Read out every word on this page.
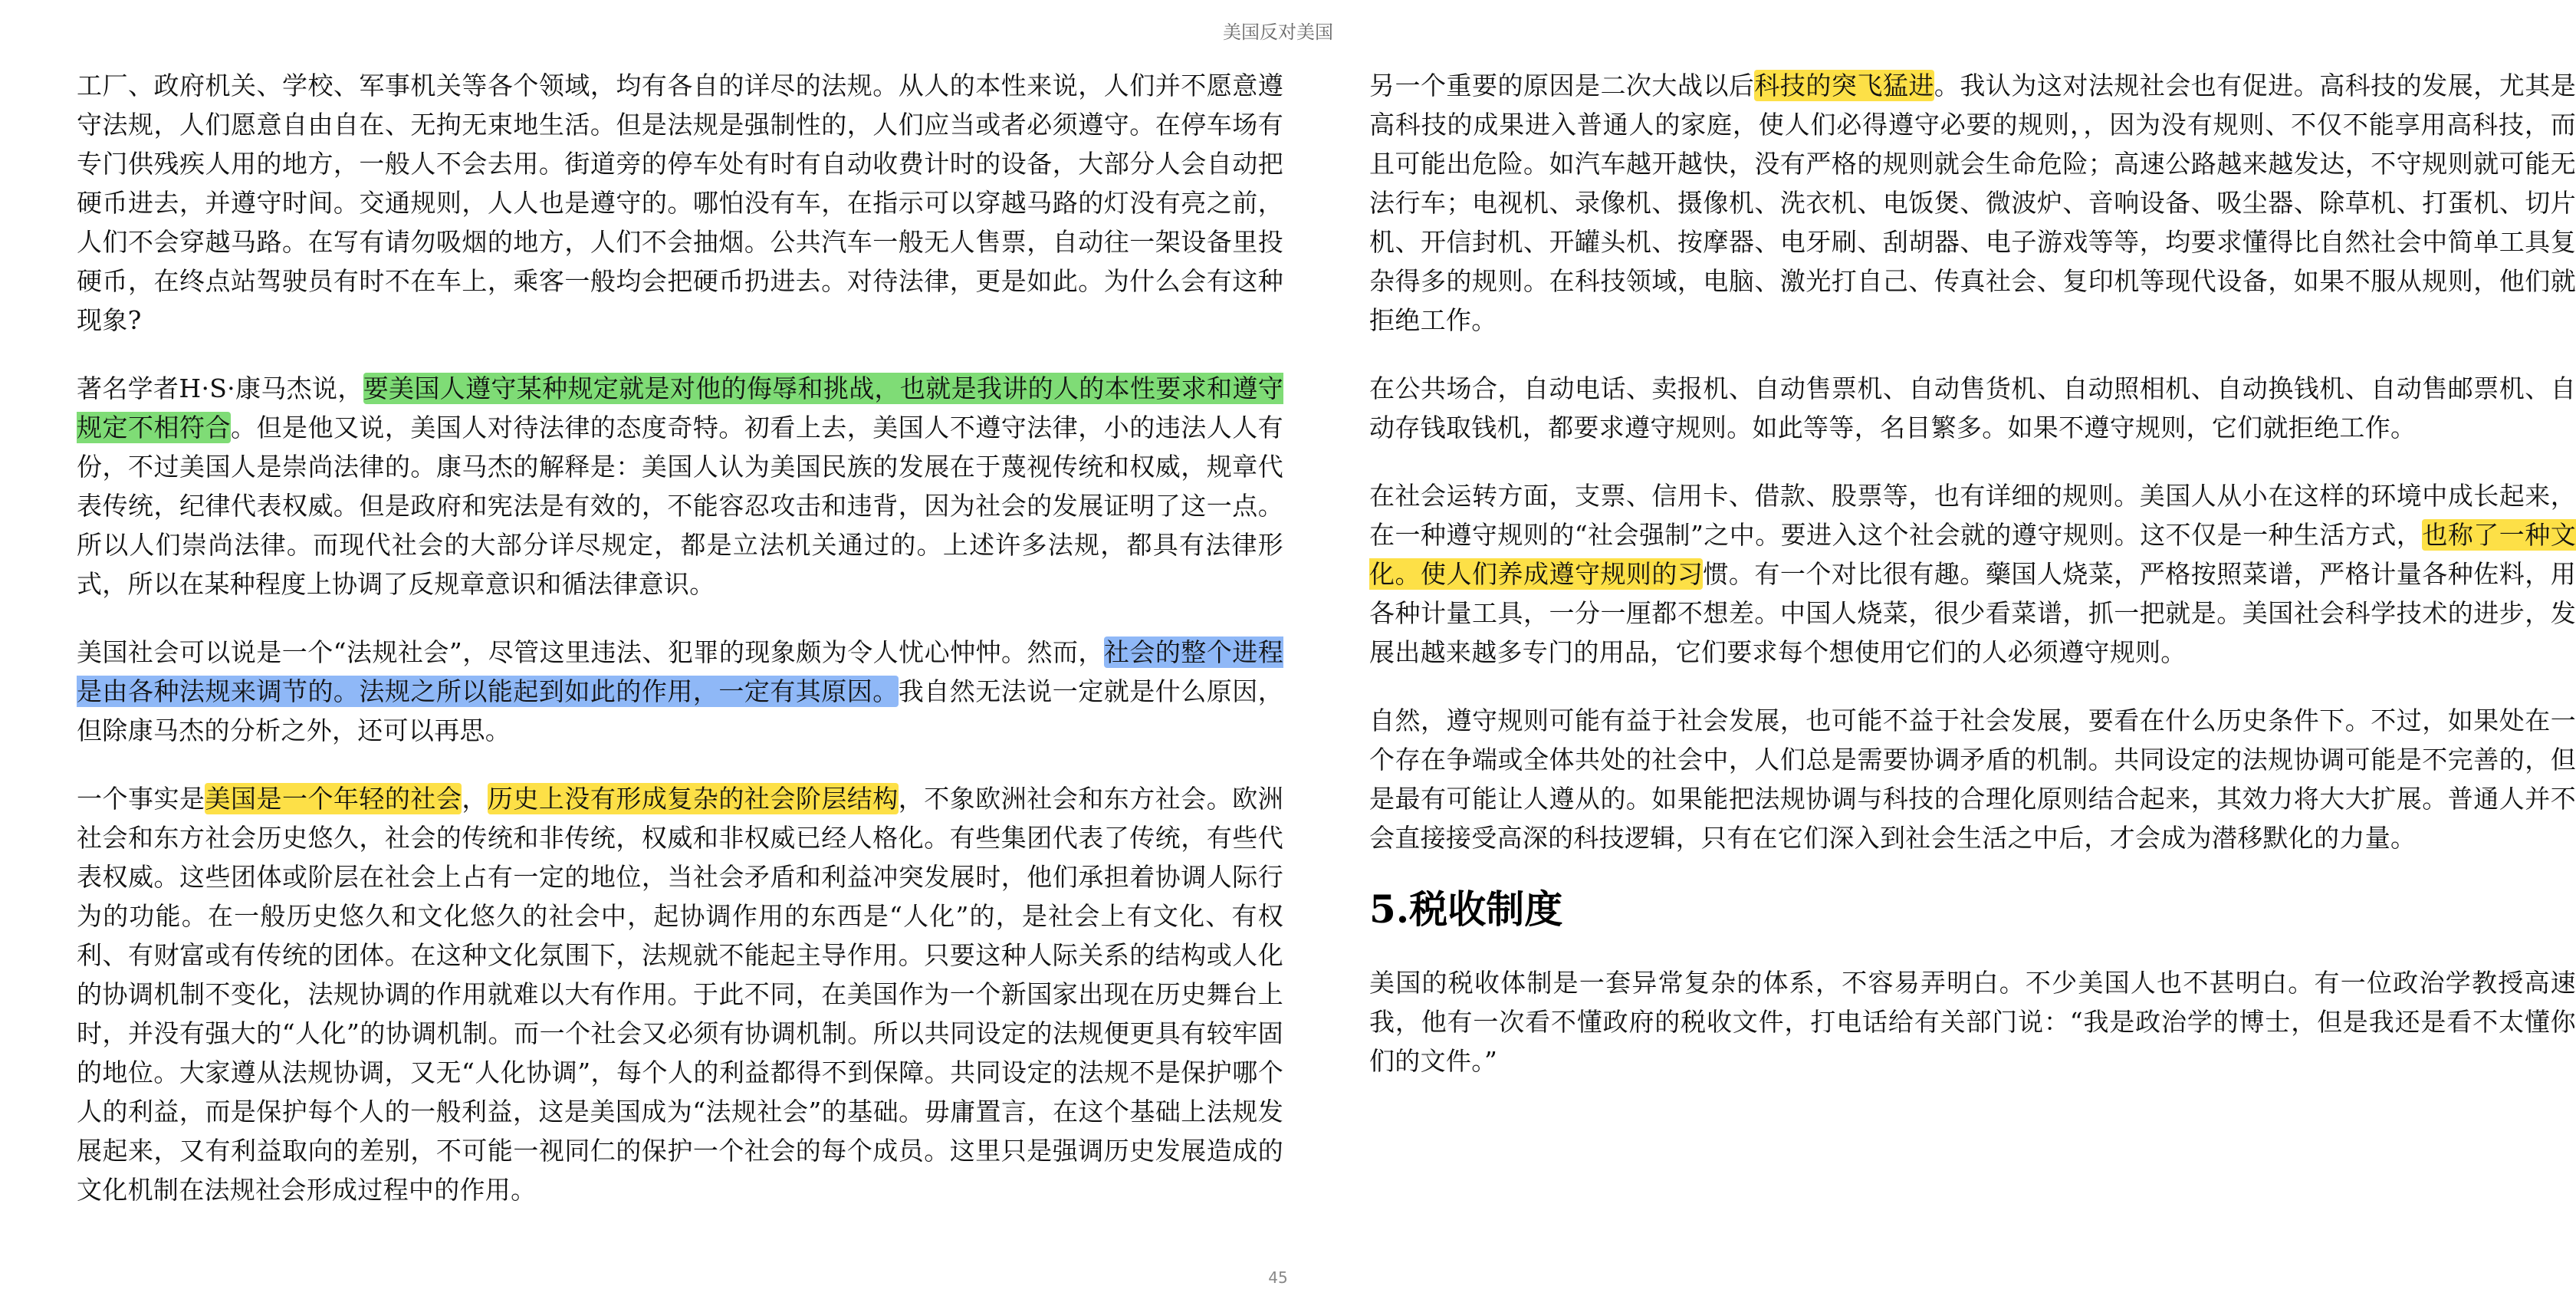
美国反对美国

工厂、政府机关、学校、军事机关等各个领域，均有各自的详尽的法规。从人的本性来说，人们并不愿意遵守法规，人们愿意自由自在、无拘无束地生活。但是法规是强制性的，人们应当或者必须遵守。在停车场有专门供残疾人用的地方，一般人不会去用。街道旁的停车处有时有自动收费计时的设备，大部分人会自动把硬币进去，并遵守时间。交通规则，人人也是遵守的。哪怕没有车，在指示可以穿越马路的灯没有亮之前，人们不会穿越马路。在写有请勿吸烟的地方，人们不会抽烟。公共汽车一般无人售票，自动往一架设备里投硬币，在终点站驾驶员有时不在车上，乘客一般均会把硬币扔进去。对待法律，更是如此。为什么会有这种现象?

著名学者H·S·康马杰说，要美国人遵守某种规定就是对他的侮辱和挑战，也就是我讲的人的本性要求和遵守规定不相符合。但是他又说，美国人对待法律的态度奇特。初看上去，美国人不遵守法律，小的违法人人有份，不过美国人是崇尚法律的。康马杰的解释是：美国人认为美国民族的发展在于蔑视传统和权威，规章代表传统，纪律代表权威。但是政府和宪法是有效的，不能容忍攻击和违背，因为社会的发展证明了这一点。所以人们崇尚法律。而现代社会的大部分详尽规定，都是立法机关通过的。上述许多法规，都具有法律形式，所以在某种程度上协调了反规章意识和循法律意识。

美国社会可以说是一个“法规社会”，尽管这里违法、犯罪的现象颇为令人忧心忡忡。然而，社会的整个进程是由各种法规来调节的。法规之所以能起到如此的作用，一定有其原因。我自然无法说一定就是什么原因，但除康马杰的分析之外，还可以再思。

一个事实是美国是一个年轻的社会，历史上没有形成复杂的社会阶层结构，不象欧洲社会和东方社会。欧洲社会和东方社会历史悠久，社会的传统和非传统，权威和非权威已经人格化。有些集团代表了传统，有些代表权威。这些团体或阶层在社会上占有一定的地位，当社会矛盾和利益冲突发展时，他们承担着协调人际行为的功能。在一般历史悠久和文化悠久的社会中，起协调作用的东西是“人化”的，是社会上有文化、有权利、有财富或有传统的团体。在这种文化氛围下，法规就不能起主导作用。只要这种人际关系的结构或人化的协调机制不变化，法规协调的作用就难以大有作用。于此不同，在美国作为一个新国家出现在历史舞台上时，并没有强大的“人化”的协调机制。而一个社会又必须有协调机制。所以共同设定的法规便更具有较牢固的地位。大家遵从法规协调，又无“人化协调”，每个人的利益都得不到保障。共同设定的法规不是保护哪个人的利益，而是保护每个人的一般利益，这是美国成为“法规社会”的基础。毋庸置言，在这个基础上法规发展起来，又有利益取向的差别，不可能一视同仁的保护一个社会的每个成员。这里只是强调历史发展造成的文化机制在法规社会形成过程中的作用。

另一个重要的原因是二次大战以后科技的突飞猛进。我认为这对法规社会也有促进。高科技的发展，尤其是高科技的成果进入普通人的家庭，使人们必得遵守必要的规则，，因为没有规则、不仅不能享用高科技，而且可能出危险。如汽车越开越快，没有严格的规则就会生命危险；高速公路越来越发达，不守规则就可能无法行车；电视机、录像机、摄像机、洗衣机、电饭煲、微波炉、音响设备、吸尘器、除草机、打蛋机、切片机、开信封机、开罐头机、按摩器、电牙刷、刮胡器、电子游戏等等，均要求懂得比自然社会中简单工具复杂得多的规则。在科技领域，电脑、激光打自己、传真社会、复印机等现代设备，如果不服从规则，他们就拒绝工作。

在公共场合，自动电话、卖报机、自动售票机、自动售货机、自动照相机、自动换钱机、自动售邮票机、自动存钱取钱机，都要求遵守规则。如此等等，名目繁多。如果不遵守规则，它们就拒绝工作。

在社会运转方面，支票、信用卡、借款、股票等，也有详细的规则。美国人从小在这样的环境中成长起来，在一种遵守规则的“社会强制”之中。要进入这个社会就的遵守规则。这不仅是一种生活方式，也称了一种文化。使人们养成遵守规则的习惯。有一个对比很有趣。藥国人烧菜，严格按照菜谱，严格计量各种佐料，用各种计量工具，一分一厘都不想差。中国人烧菜，很少看菜谱，抓一把就是。美国社会科学技术的进步，发展出越来越多专门的用品，它们要求每个想使用它们的人必须遵守规则。

自然，遵守规则可能有益于社会发展，也可能不益于社会发展，要看在什么历史条件下。不过，如果处在一个存在争端或全体共处的社会中，人们总是需要协调矛盾的机制。共同设定的法规协调可能是不完善的，但是最有可能让人遵从的。如果能把法规协调与科技的合理化原则结合起来，其效力将大大扩展。普通人并不会直接接受高深的科技逻辑，只有在它们深入到社会生活之中后，才会成为潜移默化的力量。

5.税收制度

美国的税收体制是一套异常复杂的体系，不容易弄明白。不少美国人也不甚明白。有一位政治学教授高速我，他有一次看不懂政府的税收文件，打电话给有关部门说：“我是政治学的博士，但是我还是看不太懂你们的文件。”

45
